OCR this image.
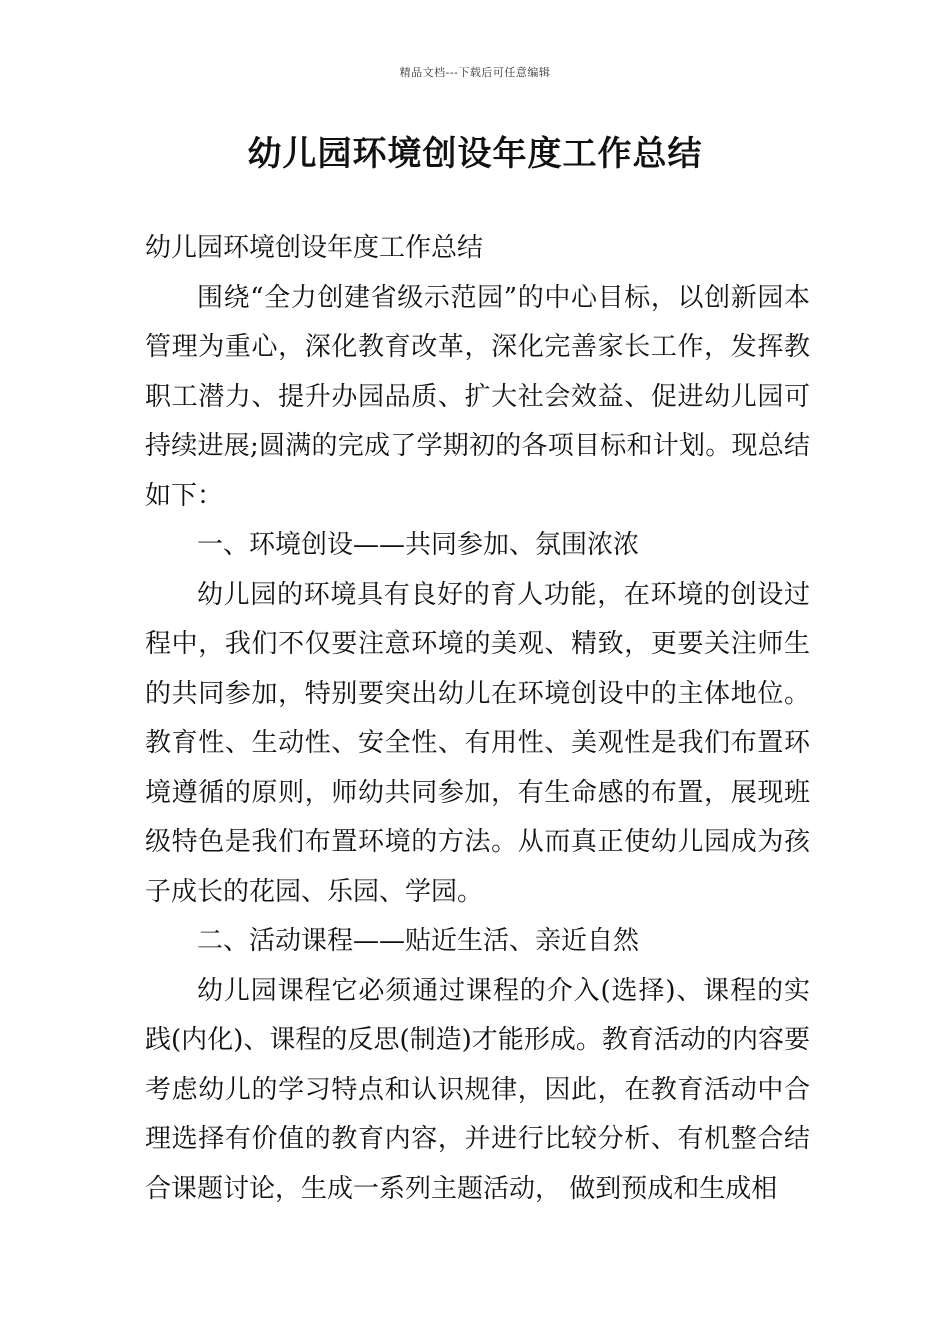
精品文档---下载后可任意编辑
幼儿园环境创设年度工作总结

幼儿园环境创设年度工作总结

围绕“全力创建省级示范园”的中心目标，以创新园本管理为重心，深化教育改革，深化完善家长工作，发挥教职工潜力、提升办园品质、扩大社会效益、促进幼儿园可持续进展;圆满的完成了学期初的各项目标和计划。现总结如下：

一、环境创设——共同参加、氛围浓浓

幼儿园的环境具有良好的育人功能，在环境的创设过程中，我们不仅要注意环境的美观、精致，更要关注师生的共同参加，特别要突出幼儿在环境创设中的主体地位。教育性、生动性、安全性、有用性、美观性是我们布置环境遵循的原则，师幼共同参加，有生命感的布置，展现班级特色是我们布置环境的方法。从而真正使幼儿园成为孩子成长的花园、乐园、学园。

二、活动课程——贴近生活、亲近自然

幼儿园课程它必须通过课程的介入(选择)、课程的实践(内化)、课程的反思(制造)才能形成。教育活动的内容要考虑幼儿的学习特点和认识规律，因此，在教育活动中合理选择有价值的教育内容，并进行比较分析、有机整合结合课题讨论，生成一系列主题活动， 做到预成和生成相
